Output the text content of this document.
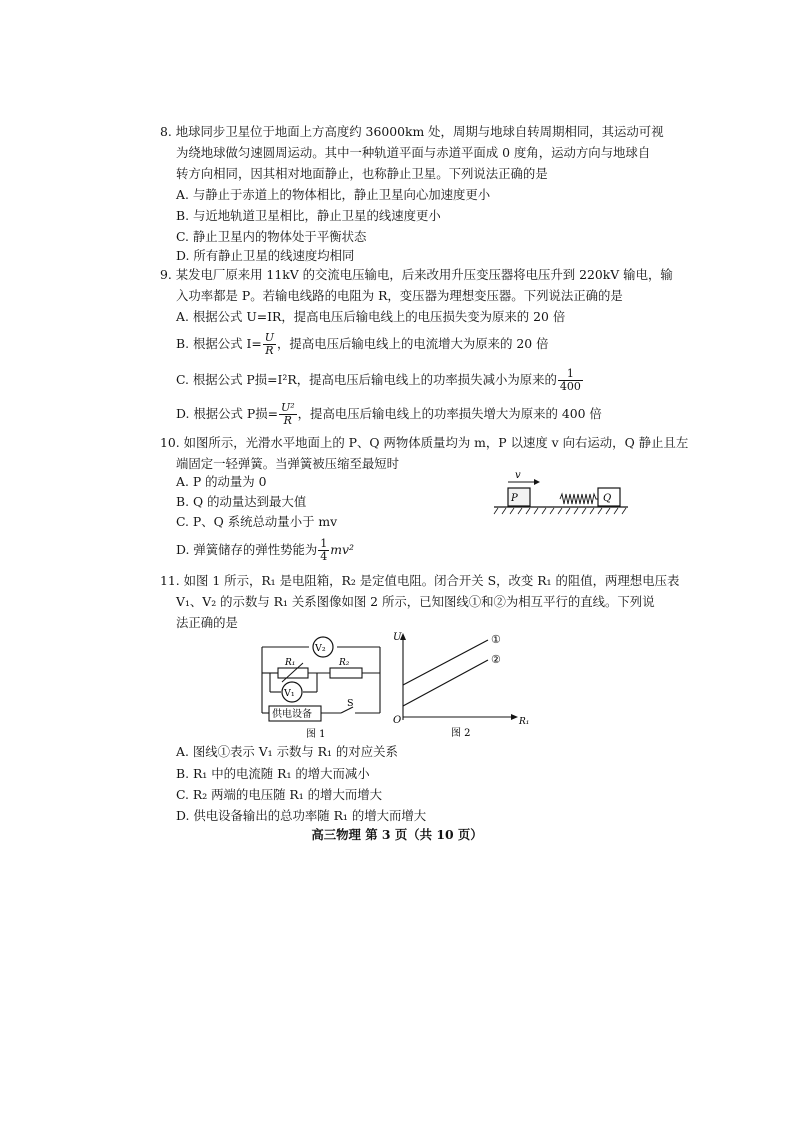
8. 地球同步卫星位于地面上方高度约 36000km 处，周期与地球自转周期相同，其运动可视
为绕地球做匀速圆周运动。其中一种轨道平面与赤道平面成 0 度角，运动方向与地球自
转方向相同，因其相对地面静止，也称静止卫星。下列说法正确的是
A. 与静止于赤道上的物体相比，静止卫星向心加速度更小
B. 与近地轨道卫星相比，静止卫星的线速度更小
C. 静止卫星内的物体处于平衡状态
D. 所有静止卫星的线速度均相同
9. 某发电厂原来用 11kV 的交流电压输电，后来改用升压变压器将电压升到 220kV 输电，输
入功率都是 P。若输电线路的电阻为 R，变压器为理想变压器。下列说法正确的是
A. 根据公式 U=IR，提高电压后输电线上的电压损失变为原来的 20 倍
B. 根据公式 $I= \frac{U}{R}$ ，提高电压后输电线上的电流增大为原来的 20 倍
C. 根据公式 P损=I²R，提高电压后输电线上的功率损失减小为原来的 $\frac{1}{400}$
D. 根据公式 P损= $\frac{\text{U²}}{R}$ ，提高电压后输电线上的功率损失增大为原来的 400 倍
10. 如图所示，光滑水平地面上的 P、Q 两物体质量均为 m，P 以速度 v 向右运动，Q 静止且左
端固定一轻弹簧。当弹簧被压缩至最短时
A. P 的动量为 0
B. Q 的动量达到最大值
C. P、Q 系统总动量小于 mv
D. 弹簧储存的弹性势能为 $\frac{1}{4} mv^2$
v
P	Q
11. 如图 1 所示，R₁ 是电阻箱，R₂ 是定值电阻。闭合开关 S，改变 R₁ 的阻值，两理想电压表
V₁、V₂ 的示数与 R₁ 关系图像如图 2 所示，已知图线①和②为相互平行的直线。下列说
法正确的是
V₂
R₁	R₂
V₁
供电设备
S
图 1
U
R₁
O
①
②
图 2
A. 图线①表示 V₁ 示数与 R₁ 的对应关系
B. R₁ 中的电流随 R₁ 的增大而减小
C. R₂ 两端的电压随 R₁ 的增大而增大
D. 供电设备输出的总功率随 R₁ 的增大而增大
高三物理 第 3 页（共 10 页）
